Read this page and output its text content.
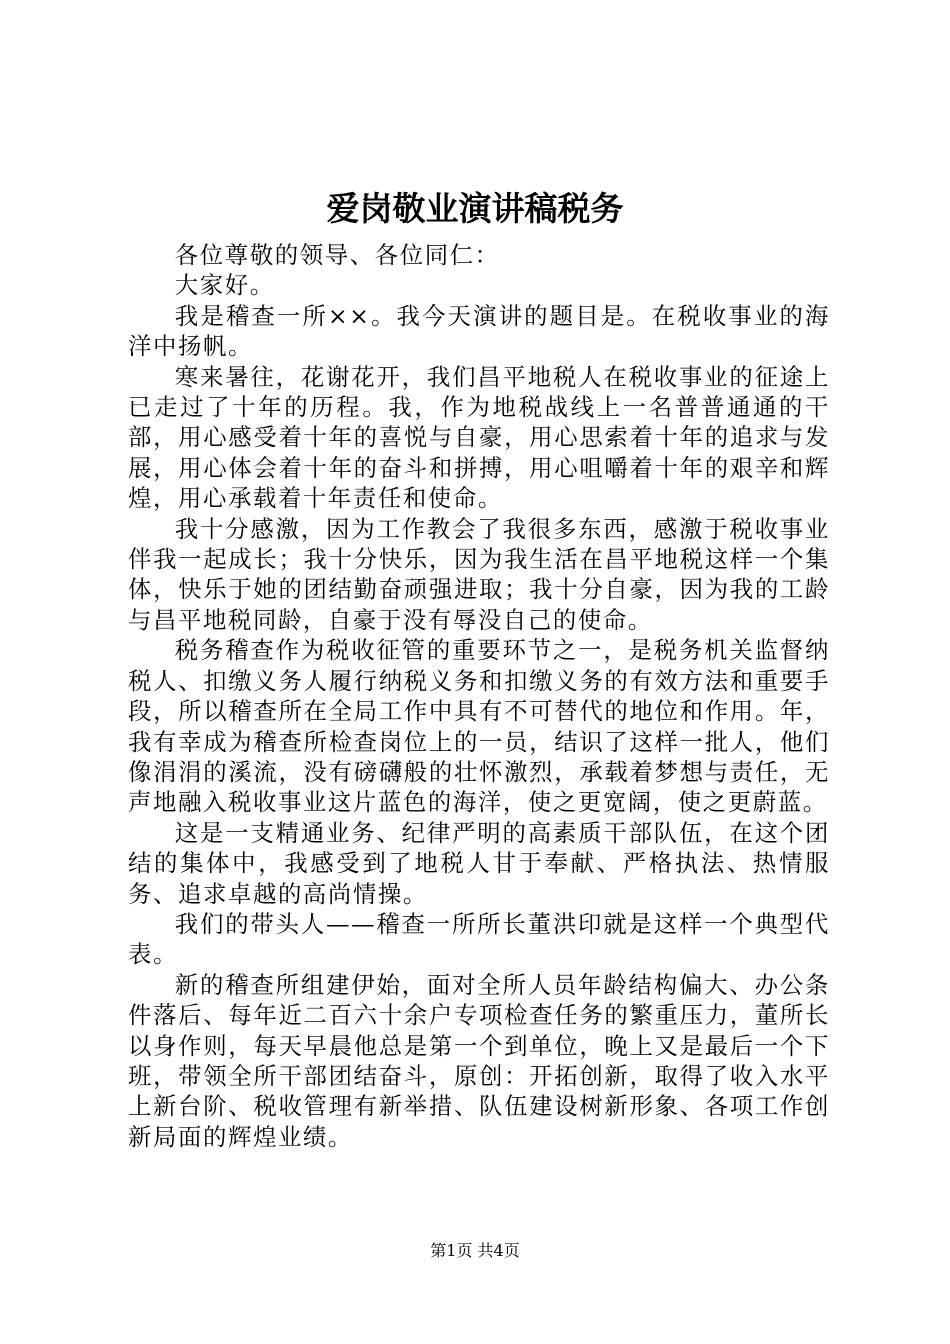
爱岗敬业演讲稿税务

各位尊敬的领导、各位同仁：

大家好。

我是稽查一所××。我今天演讲的题目是。在税收事业的海洋中扬帆。

寒来暑往，花谢花开，我们昌平地税人在税收事业的征途上已走过了十年的历程。我，作为地税战线上一名普普通通的干部，用心感受着十年的喜悦与自豪，用心思索着十年的追求与发展，用心体会着十年的奋斗和拼搏，用心咀嚼着十年的艰辛和辉煌，用心承载着十年责任和使命。

我十分感激，因为工作教会了我很多东西，感激于税收事业伴我一起成长；我十分快乐，因为我生活在昌平地税这样一个集体，快乐于她的团结勤奋顽强进取；我十分自豪，因为我的工龄与昌平地税同龄，自豪于没有辱没自己的使命。

税务稽查作为税收征管的重要环节之一，是税务机关监督纳税人、扣缴义务人履行纳税义务和扣缴义务的有效方法和重要手段，所以稽查所在全局工作中具有不可替代的地位和作用。年，我有幸成为稽查所检查岗位上的一员，结识了这样一批人，他们像涓涓的溪流，没有磅礴般的壮怀激烈，承载着梦想与责任，无声地融入税收事业这片蓝色的海洋，使之更宽阔，使之更蔚蓝。

这是一支精通业务、纪律严明的高素质干部队伍，在这个团结的集体中，我感受到了地税人甘于奉献、严格执法、热情服务、追求卓越的高尚情操。

我们的带头人——稽查一所所长董洪印就是这样一个典型代表。

新的稽查所组建伊始，面对全所人员年龄结构偏大、办公条件落后、每年近二百六十余户专项检查任务的繁重压力，董所长以身作则，每天早晨他总是第一个到单位，晚上又是最后一个下班，带领全所干部团结奋斗，原创：开拓创新，取得了收入水平上新台阶、税收管理有新举措、队伍建设树新形象、各项工作创新局面的辉煌业绩。

第1页 共4页
